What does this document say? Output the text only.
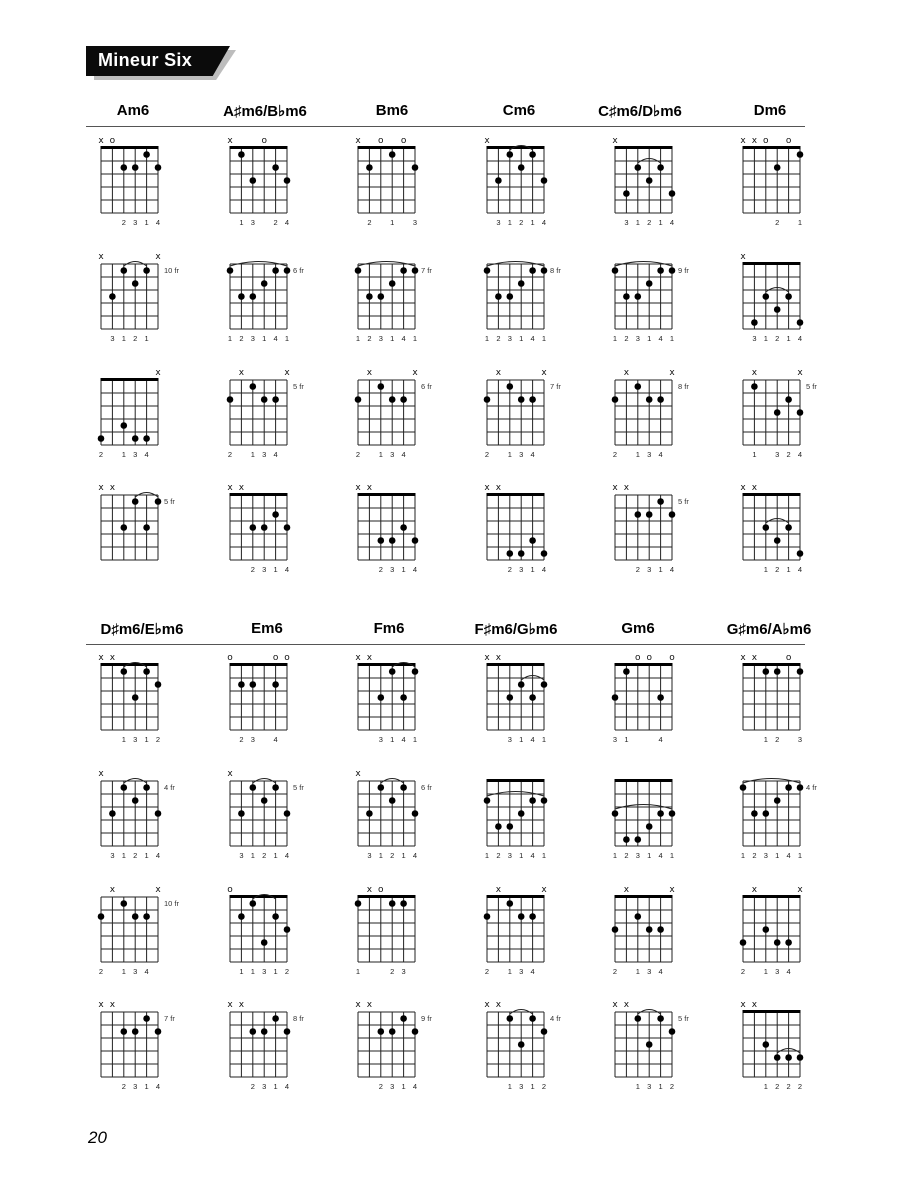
Mineur Six
Am6	A♯m6/B♭m6	Bm6	Cm6	C♯m6/D♭m6	Dm6
D♯m6/E♭m6	Em6	Fm6	F♯m6/G♭m6	Gm6	G♯m6/A♭m6
x o
2 3 1 4
x	o
1 3 2 4
x o o
2 1 3
x
3 1 2 1 4
x
3 1 2 1 4
x x o o
2 1
x	x
10 fr
3 1 2 1
6 fr
1 2 3 1 4 1
7 fr
1 2 3 1 4 1
8 fr
1 2 3 1 4 1
9 fr
1 2 3 1 4 1
x
3 1 2 1 4
x
2 1 3 4
x	x
5 fr
2 1 3 4
x	x
6 fr
2 1 3 4
x	x
7 fr
2 1 3 4
x	x
8 fr
2 1 3 4
x	x
5 fr
1 3 2 4
x x
5 fr
x x
2 3 1 4
x x
2 3 1 4
x x
2 3 1 4
x x
5 fr
2 3 1 4
x x
1 2 1 4
x x
1 3 1 2
o	o o
2 3 4
x x
3 1 4 1
x x
3 1 4 1
o o o
3 1	4
x x	o
1 2 3
x
4 fr
3 1 2 1 4
x
5 fr
3 1 2 1 4
x
6 fr
3 1 2 1 4	1 2 3 1 4 1	1 2 3 1 4 1
4 fr
1 2 3 1 4 1
x	x
10 fr
2 1 3 4
o
1 1 3 1 2
x o
1	2 3
x	x
2 1 3 4
x	x
2 1 3 4
x	x
2 1 3 4
x x
7 fr
2 3 1 4
x x
8 fr
2 3 1 4
x x
9 fr
2 3 1 4
x x
4 fr
1 3 1 2
x x
5 fr
1 3 1 2
x x
1 2 2 2
20
